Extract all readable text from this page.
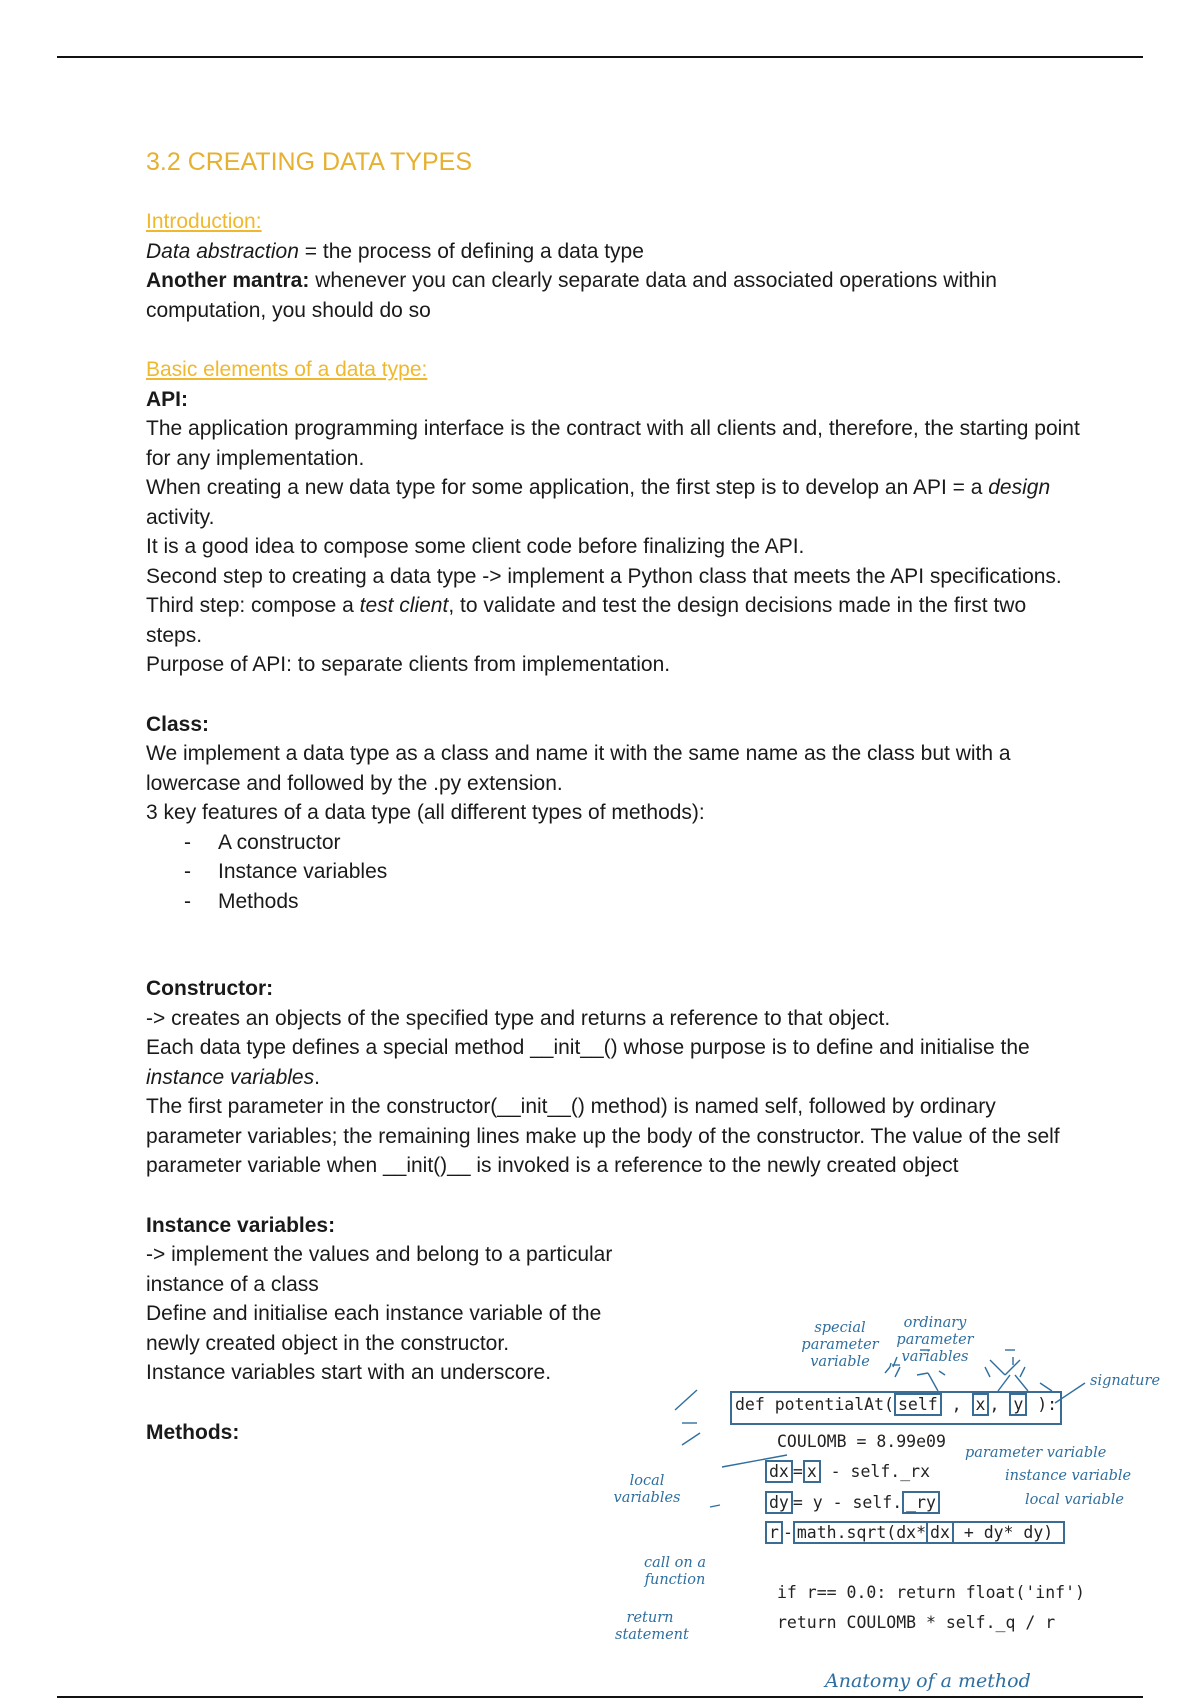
3.2 CREATING DATA TYPES

Introduction:

Data abstraction = the process of defining a data type

Another mantra: whenever you can clearly separate data and associated operations within computation, you should do so

Basic elements of a data type:

API:

The application programming interface is the contract with all clients and, therefore, the starting point for any implementation.

When creating a new data type for some application, the first step is to develop an API = a design activity.

It is a good idea to compose some client code before finalizing the API.

Second step to creating a data type -> implement a Python class that meets the API specifications.

Third step: compose a test client, to validate and test the design decisions made in the first two steps.

Purpose of API: to separate clients from implementation.

Class:

We implement a data type as a class and name it with the same name as the class but with a lowercase and followed by the .py extension.

3 key features of a data type (all different types of methods):

- A constructor
- Instance variables
- Methods

Constructor:

-> creates an objects of the specified type and returns a reference to that object.

Each data type defines a special method __init__() whose purpose is to define and initialise the instance variables.

The first parameter in the constructor(__init__() method) is named self, followed by ordinary parameter variables; the remaining lines make up the body of the constructor. The value of the self parameter variable when __init()__ is invoked is a reference to the newly created object

Instance variables:

-> implement the values and belong to a particular instance of a class

Define and initialise each instance variable of the newly created object in the constructor.

Instance variables start with an underscore.

Methods:

special parameter variable
ordinary parameter variables
signature
def potentialAt( self , x , y ):
COULOMB = 8.99e09
parameter variable
dx = x - self._rx	instance variable
local variables	dy = y - self. _ry	local variable
r - math.sqrt(dx* dx + dy* dy)
call on a function
if r== 0.0: return float('inf')
return statement
return COULOMB * self._q / r
Anatomy of a method
